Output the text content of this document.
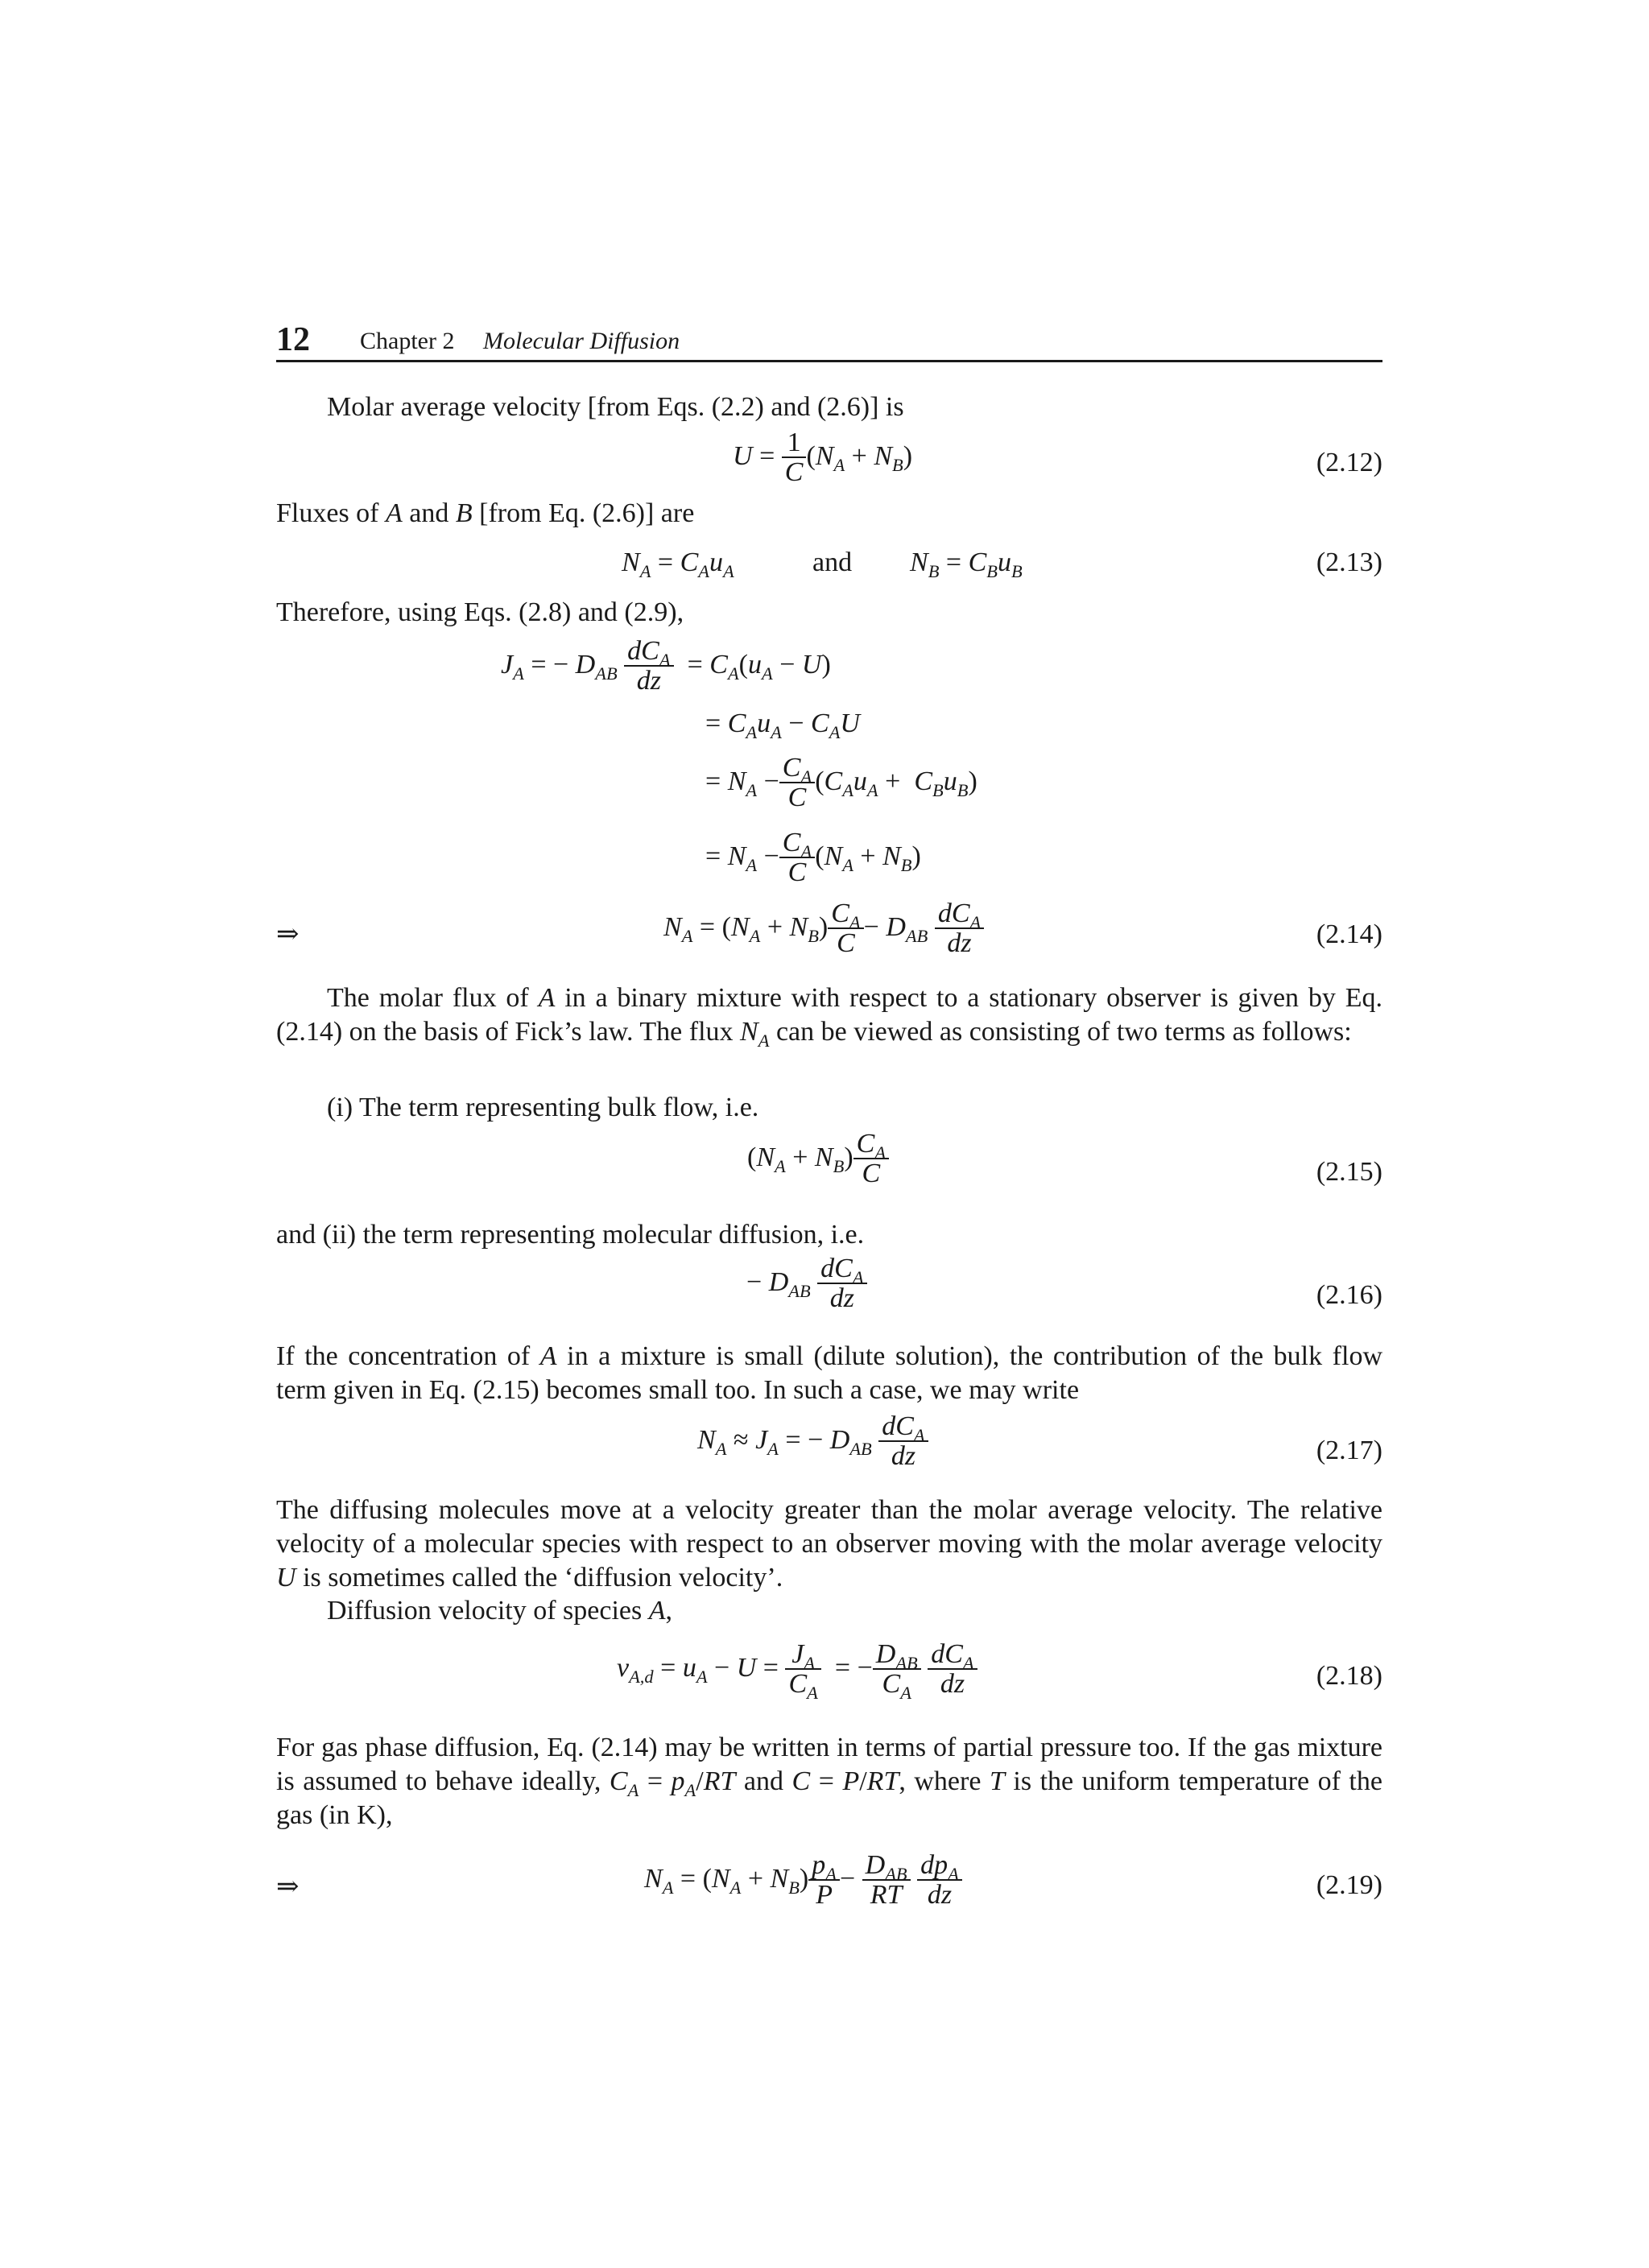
12 Chapter 2 Molecular Diffusion
Molar average velocity [from Eqs. (2.2) and (2.6)] is
$U = \frac{1}{C} (N_A + N_B)$	(2.12)
Fluxes of A and B [from Eq. (2.6)] are
$N_A = C_Au_A$	and $N_B = C_Bu_B$	(2.13)
Therefore, using Eqs. (2.8) and (2.9),
$J_A$ = − $D_{AB} \frac{dC_A}{dz} = C_A(u_A - U)$
= $C_Au_A - C_AU$
= $N_A - \frac{C_A}{C} (C_Au_A + C_Bu_B)$
= $N_A - \frac{C_A}{C} (N_A + N_B)$
⇒	$N_A = (N_A + N_B) \frac{C_A}{C} - D_{AB} \frac{dC_A}{dz}$	(2.14)
The molar flux of A in a binary mixture with respect to a stationary observer is given by Eq. (2.14) on the basis of Fick’s law. The flux $N_A$ can be viewed as consisting of two terms as follows:
(i) The term representing bulk flow, i.e.
$(N_A + N_B) \frac{C_A}{C}$	(2.15)
and (ii) the term representing molecular diffusion, i.e.
− $D_{AB} \frac{dC_A}{dz}$	(2.16)
If the concentration of A in a mixture is small (dilute solution), the contribution of the bulk flow term given in Eq. (2.15) becomes small too. In such a case, we may write
$N_A \approx J_A$ = − $D_{AB} \frac{dC_A}{dz}$	(2.17)
The diffusing molecules move at a velocity greater than the molar average velocity. The relative velocity of a molecular species with respect to an observer moving with the molar average velocity U is sometimes called the ‘diffusion velocity’.
Diffusion velocity of species A,
$v_{A,d} = u_A - U = \frac{J_A}{C_A}$ = − $\frac{D_{AB}}{C_A}$
$\frac{dC_A}{dz}$	(2.18)
For gas phase diffusion, Eq. (2.14) may be written in terms of partial pressure too. If the gas mixture is assumed to behave ideally, $C_A = p_A/RT$ and C = P/RT, where T is the uniform temperature of the gas (in K),
⇒	$N_A = (N_A + N_B) \frac{p_A}{P} - \frac{D_{AB}}{RT}$
$\frac{dp_A}{dz}$	(2.19)
